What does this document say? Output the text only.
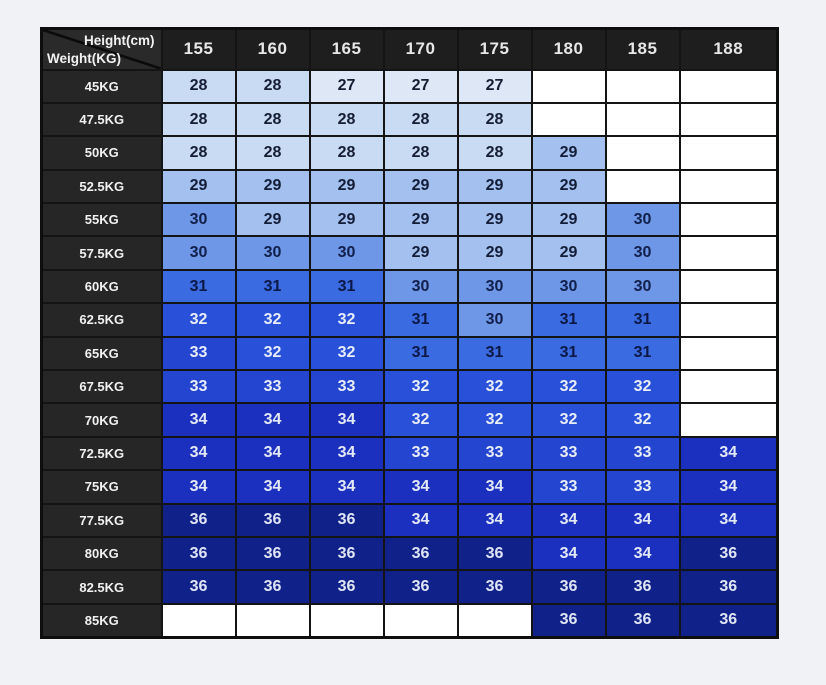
Height(cm)
Weight(KG)	155	160	165	170	175	180	185	188
45KG	28	28	27	27	27			
47.5KG	28	28	28	28	28			
50KG	28	28	28	28	28	29		
52.5KG	29	29	29	29	29	29		
55KG	30	29	29	29	29	29	30	
57.5KG	30	30	30	29	29	29	30	
60KG	31	31	31	30	30	30	30	
62.5KG	32	32	32	31	30	31	31	
65KG	33	32	32	31	31	31	31	
67.5KG	33	33	33	32	32	32	32	
70KG	34	34	34	32	32	32	32	
72.5KG	34	34	34	33	33	33	33	34
75KG	34	34	34	34	34	33	33	34
77.5KG	36	36	36	34	34	34	34	34
80KG	36	36	36	36	36	34	34	36
82.5KG	36	36	36	36	36	36	36	36
85KG						36	36	36
